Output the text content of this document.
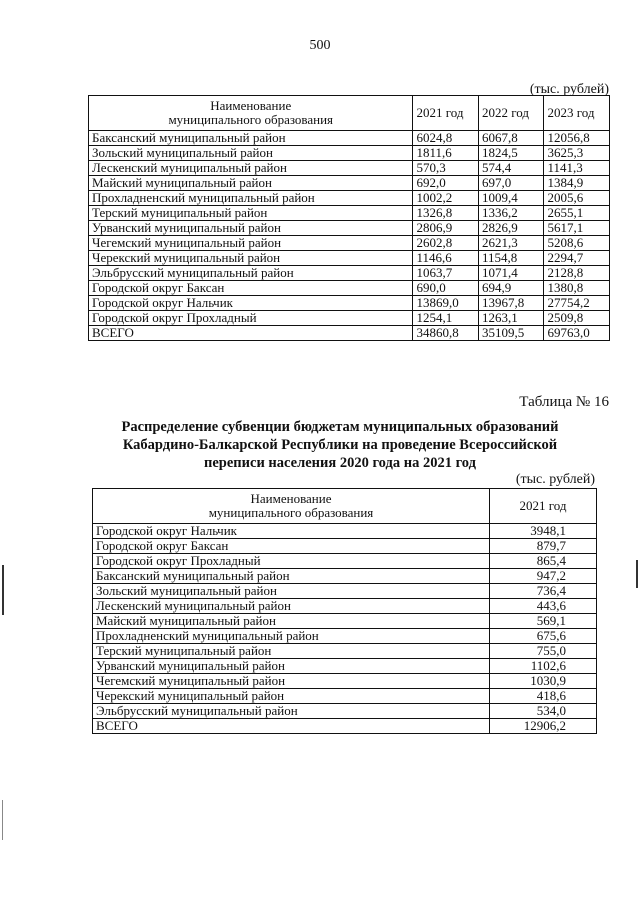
500
(тыс. рублей)
Наименование
муниципального образования	2021 год	2022 год	2023 год
Баксанский муниципальный район	6024,8	6067,8	12056,8
Зольский муниципальный район	1811,6	1824,5	3625,3
Лескенский муниципальный район	570,3	574,4	1141,3
Майский муниципальный район	692,0	697,0	1384,9
Прохладненский муниципальный район	1002,2	1009,4	2005,6
Терский муниципальный район	1326,8	1336,2	2655,1
Урванский муниципальный район	2806,9	2826,9	5617,1
Чегемский муниципальный район	2602,8	2621,3	5208,6
Черекский муниципальный район	1146,6	1154,8	2294,7
Эльбрусский муниципальный район	1063,7	1071,4	2128,8
Городской округ Баксан	690,0	694,9	1380,8
Городской округ Нальчик	13869,0	13967,8	27754,2
Городской округ Прохладный	1254,1	1263,1	2509,8
ВСЕГО	34860,8	35109,5	69763,0
Таблица № 16
Распределение субвенции бюджетам муниципальных образований
Кабардино-Балкарской Республики на проведение Всероссийской
переписи населения 2020 года на 2021 год
(тыс. рублей)
Наименование
муниципального образования	2021 год
Городской округ Нальчик	3948,1
Городской округ Баксан	879,7
Городской округ Прохладный	865,4
Баксанский муниципальный район	947,2
Зольский муниципальный район	736,4
Лескенский муниципальный район	443,6
Майский муниципальный район	569,1
Прохладненский муниципальный район	675,6
Терский муниципальный район	755,0
Урванский муниципальный район	1102,6
Чегемский муниципальный район	1030,9
Черекский муниципальный район	418,6
Эльбрусский муниципальный район	534,0
ВСЕГО	12906,2
